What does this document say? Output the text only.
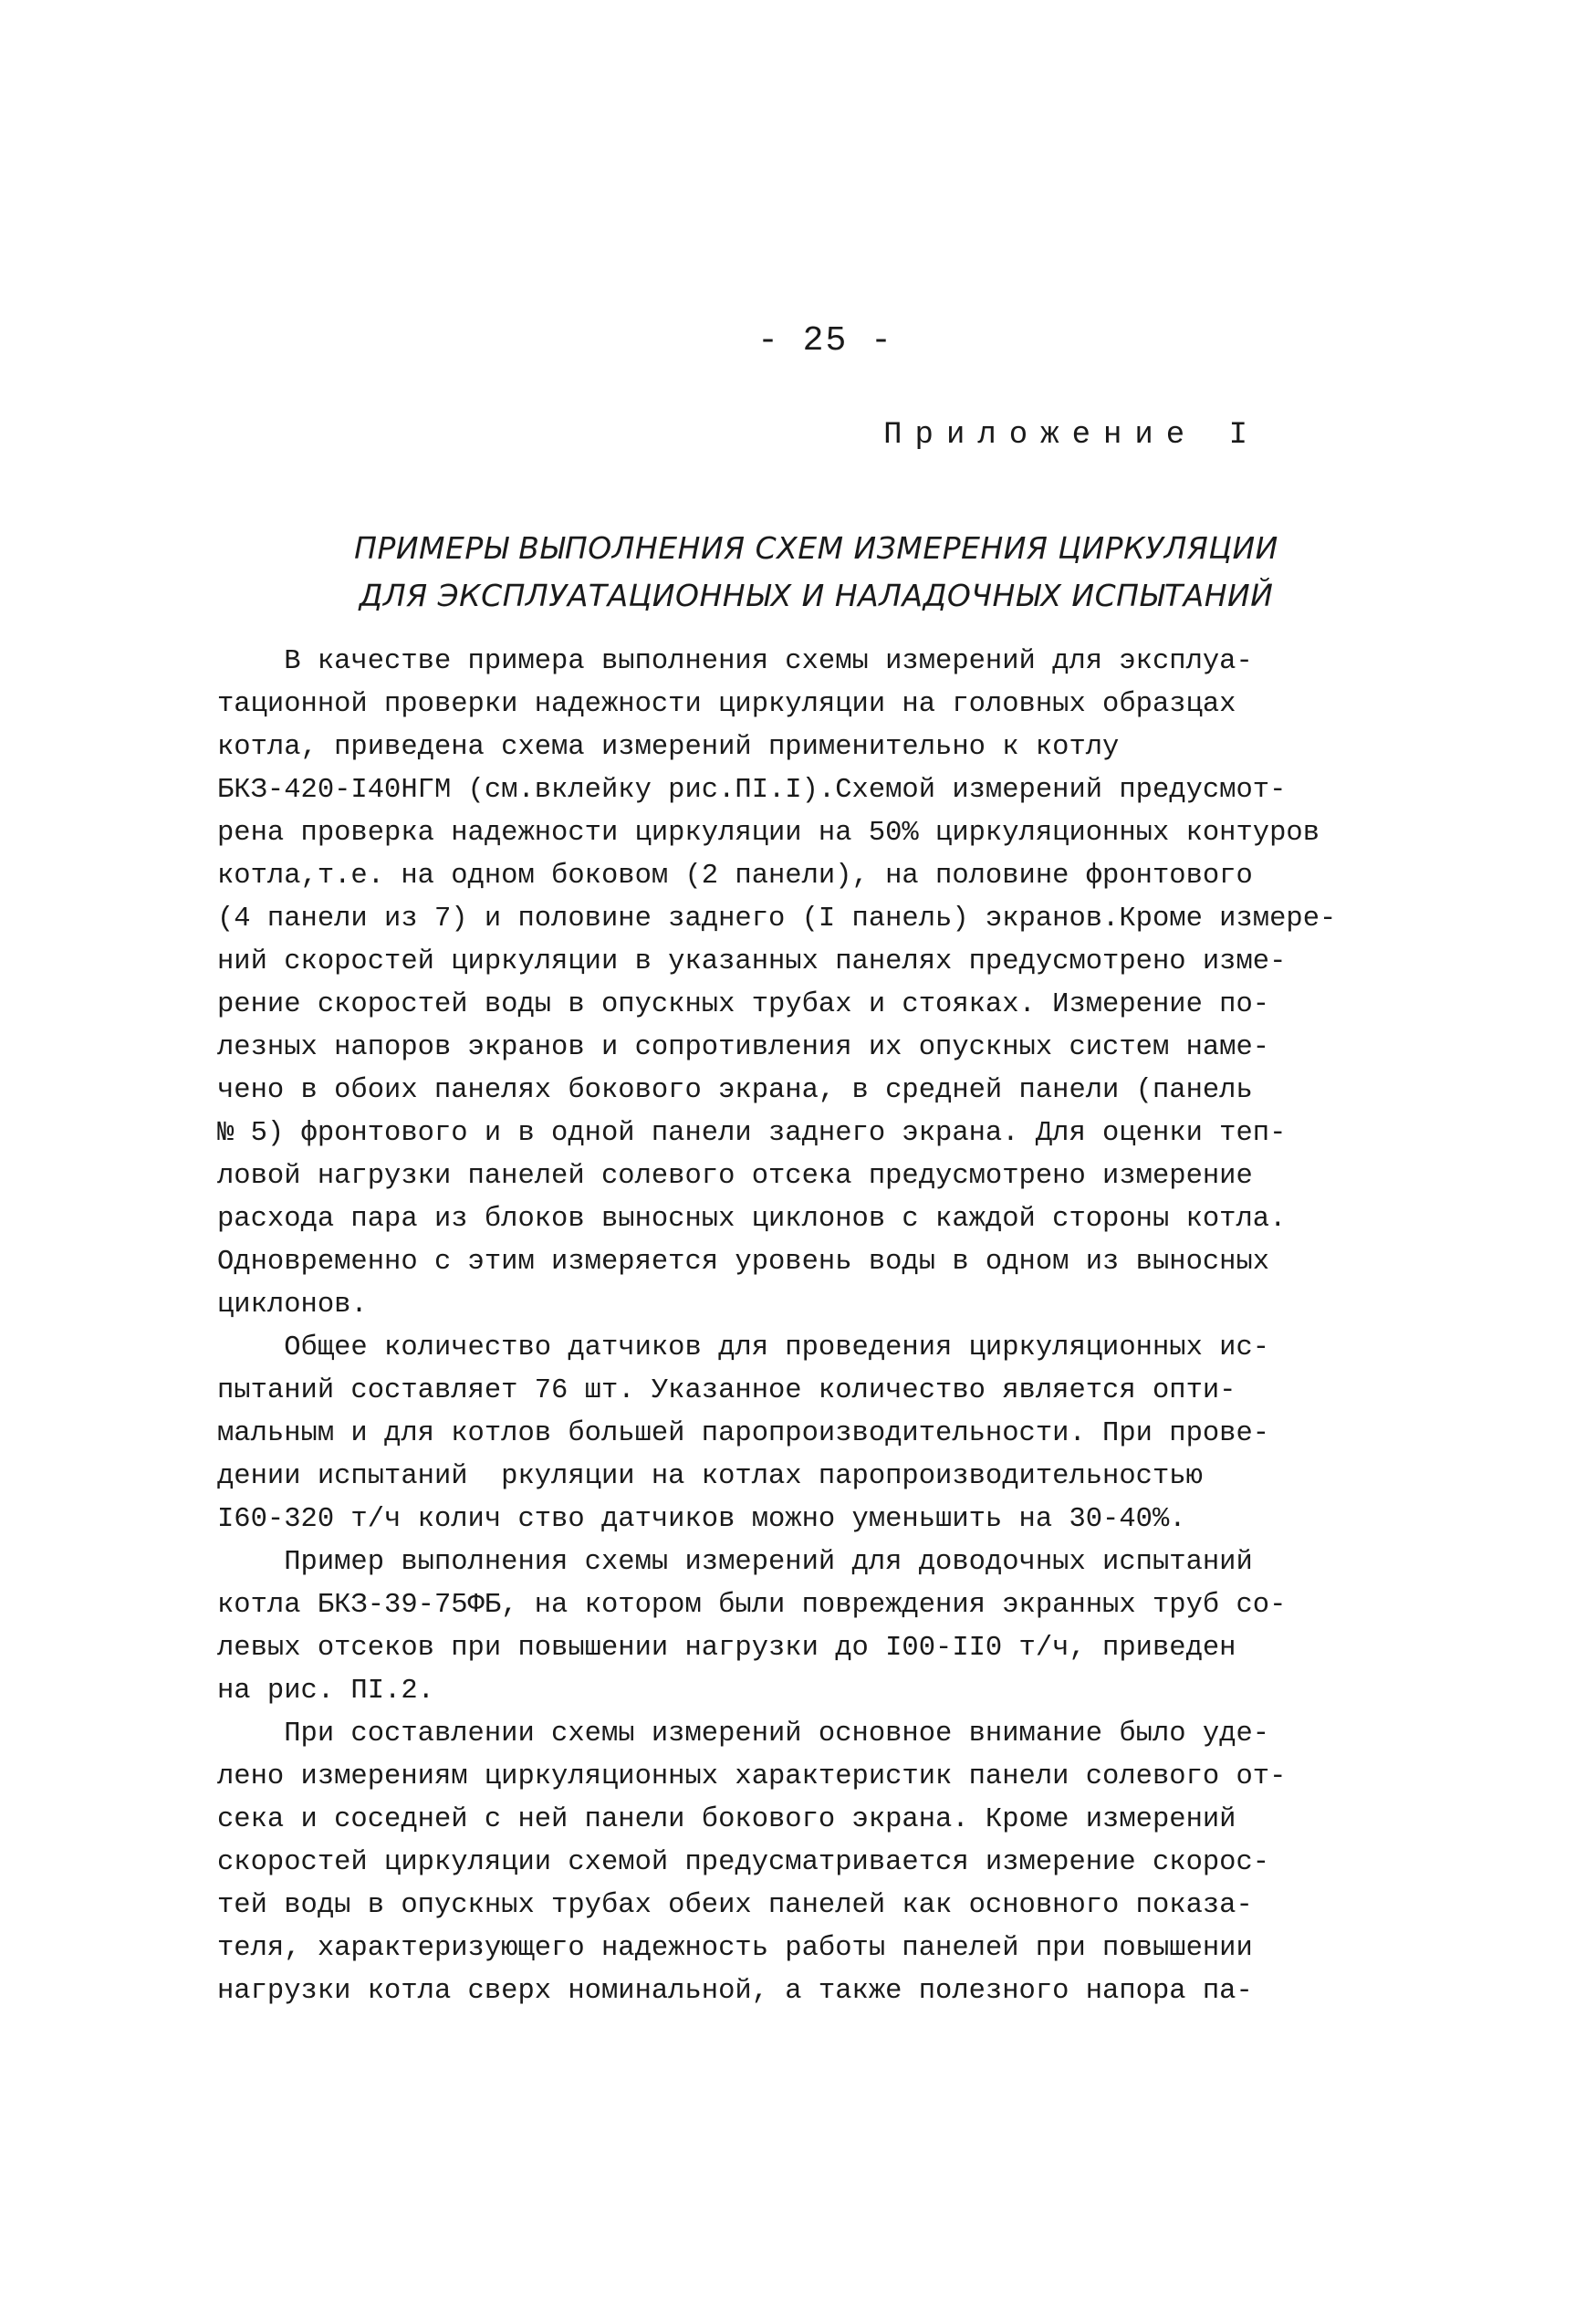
- 25 -
Приложение I
ПРИМЕРЫ ВЫПОЛНЕНИЯ СХЕМ ИЗМЕРЕНИЯ ЦИРКУЛЯЦИИ
ДЛЯ ЭКСПЛУАТАЦИОННЫХ И НАЛАДОЧНЫХ ИСПЫТАНИЙ
В качестве примера выполнения схемы измерений для эксплуа-
тационной проверки надежности циркуляции на головных образцах
котла, приведена схема измерений применительно к котлу
БКЗ-420-I40НГМ (см.вклейку рис.ПI.I).Схемой измерений предусмот-
рена проверка надежности циркуляции на 50% циркуляционных контуров
котла,т.е. на одном боковом (2 панели), на половине фронтового
(4 панели из 7) и половине заднего (I панель) экранов.Кроме измере-
ний скоростей циркуляции в указанных панелях предусмотрено изме-
рение скоростей воды в опускных трубах и стояках. Измерение по-
лезных напоров экранов и сопротивления их опускных систем наме-
чено в обоих панелях бокового экрана, в средней панели (панель
№ 5) фронтового и в одной панели заднего экрана. Для оценки теп-
ловой нагрузки панелей солевого отсека предусмотрено измерение
расхода пара из блоков выносных циклонов с каждой стороны котла.
Одновременно с этим измеряется уровень воды в одном из выносных
циклонов.
Общее количество датчиков для проведения циркуляционных ис-
пытаний составляет 76 шт. Указанное количество является опти-
мальным и для котлов большей паропроизводительности. При прове-
дении испытаний  ркуляции на котлах паропроизводительностью
I60-320 т/ч колич ство датчиков можно уменьшить на 30-40%.
Пример выполнения схемы измерений для доводочных испытаний
котла БКЗ-39-75ФБ, на котором были повреждения экранных труб со-
левых отсеков при повышении нагрузки до I00-II0 т/ч, приведен
на рис. ПI.2.
При составлении схемы измерений основное внимание было уде-
лено измерениям циркуляционных характеристик панели солевого от-
сека и соседней с ней панели бокового экрана. Кроме измерений
скоростей циркуляции схемой предусматривается измерение скорос-
тей воды в опускных трубах обеих панелей как основного показа-
теля, характеризующего надежность работы панелей при повышении
нагрузки котла сверх номинальной, а также полезного напора па-
